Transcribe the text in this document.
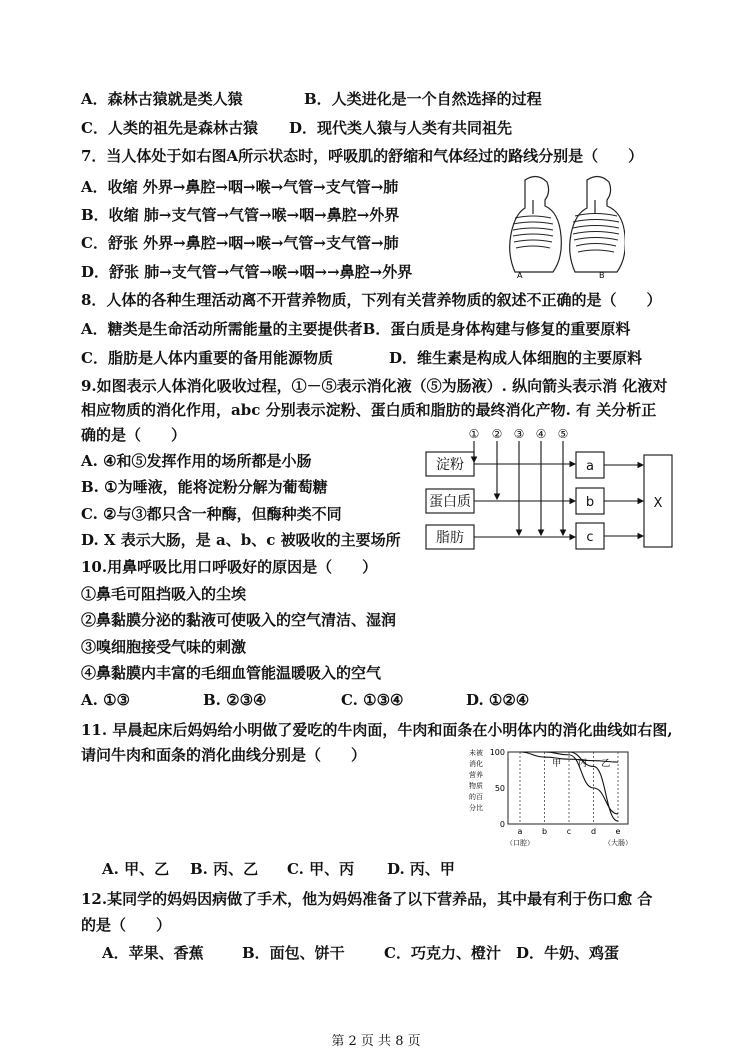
A．森林古猿就是类人猿	B．人类进化是一个自然选择的过程
C．人类的祖先是森林古猿 D．现代类人猿与人类有共同祖先
7．当人体处于如右图A所示状态时，呼吸肌的舒缩和气体经过的路线分别是（　　）
A．收缩 外界→鼻腔→咽→喉→气管→支气管→肺
B．收缩 肺→支气管→气管→喉→咽→鼻腔→外界
C．舒张 外界→鼻腔→咽→喉→气管→支气管→肺
D．舒张 肺→支气管→气管→喉→咽→→鼻腔→外界	A	B
8．人体的各种生理活动离不开营养物质，下列有关营养物质的叙述不正确的是（　　）
A．糖类是生命活动所需能量的主要提供者B．蛋白质是身体构建与修复的重要原料
C．脂肪是人体内重要的备用能源物质	D．维生素是构成人体细胞的主要原料
9.如图表示人体消化吸收过程，①－⑤表示消化液（⑤为肠液）. 纵向箭头表示消 化液对
相应物质的消化作用，abc 分别表示淀粉、蛋白质和脂肪的最终消化产物. 有 关分析正
确的是（　　）
A. ④和⑤发挥作用的场所都是小肠
B. ①为唾液，能将淀粉分解为葡萄糖
C. ②与③都只含一种酶，但酶种类不同
D. X 表示大肠，是 a、b、c 被吸收的主要场所
① ② ③ ④ ⑤
淀粉
蛋白质
脂肪
a
b
c
X
10.用鼻呼吸比用口呼吸好的原因是（　　）
①鼻毛可阻挡吸入的尘埃
②鼻黏膜分泌的黏液可使吸入的空气清洁、湿润
③嗅细胞接受气味的刺激
④鼻黏膜内丰富的毛细血管能温暖吸入的空气
A. ①③	B. ②③④	C. ①③④	D. ①②④
11. 早晨起床后妈妈给小明做了爱吃的牛肉面，牛肉和面条在小明体内的消化曲线如右图,
请问牛肉和面条的消化曲线分别是（　　）	未被
消化
营养
物质
的百
分比
100
50
0
a
（口腔）
b c d e
（大肠）
甲 丙 乙
A. 甲、乙 B. 丙、乙 C. 甲、丙 D. 丙、甲
12.某同学的妈妈因病做了手术，他为妈妈准备了以下营养品，其中最有利于伤口愈 合
的是（　　）
A．苹果、香蕉	B．面包、饼干	C．巧克力、橙汁 D．牛奶、鸡蛋
第 2 页 共 8 页
